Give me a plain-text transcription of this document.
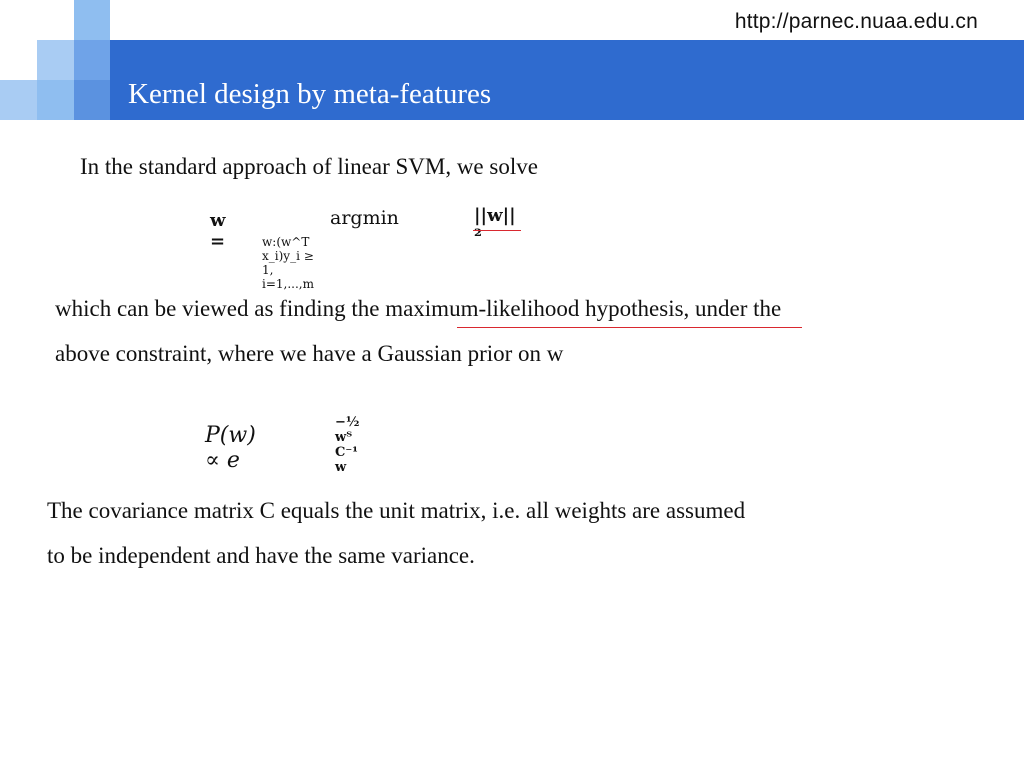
http://parnec.nuaa.edu.cn
Kernel design by meta-features
In the standard approach of linear SVM, we solve
w =
argmin
w:(w^T x_i)y_i ≥ 1, i=1,...,m
||w||²
which can be viewed as finding the maximum-likelihood hypothesis, under the
above constraint, where we have a Gaussian prior on w
P(w) ∝ e
−½ wᵀ C⁻¹ w
The covariance matrix C equals the unit matrix, i.e. all weights are assumed
to be independent and have the same variance.
